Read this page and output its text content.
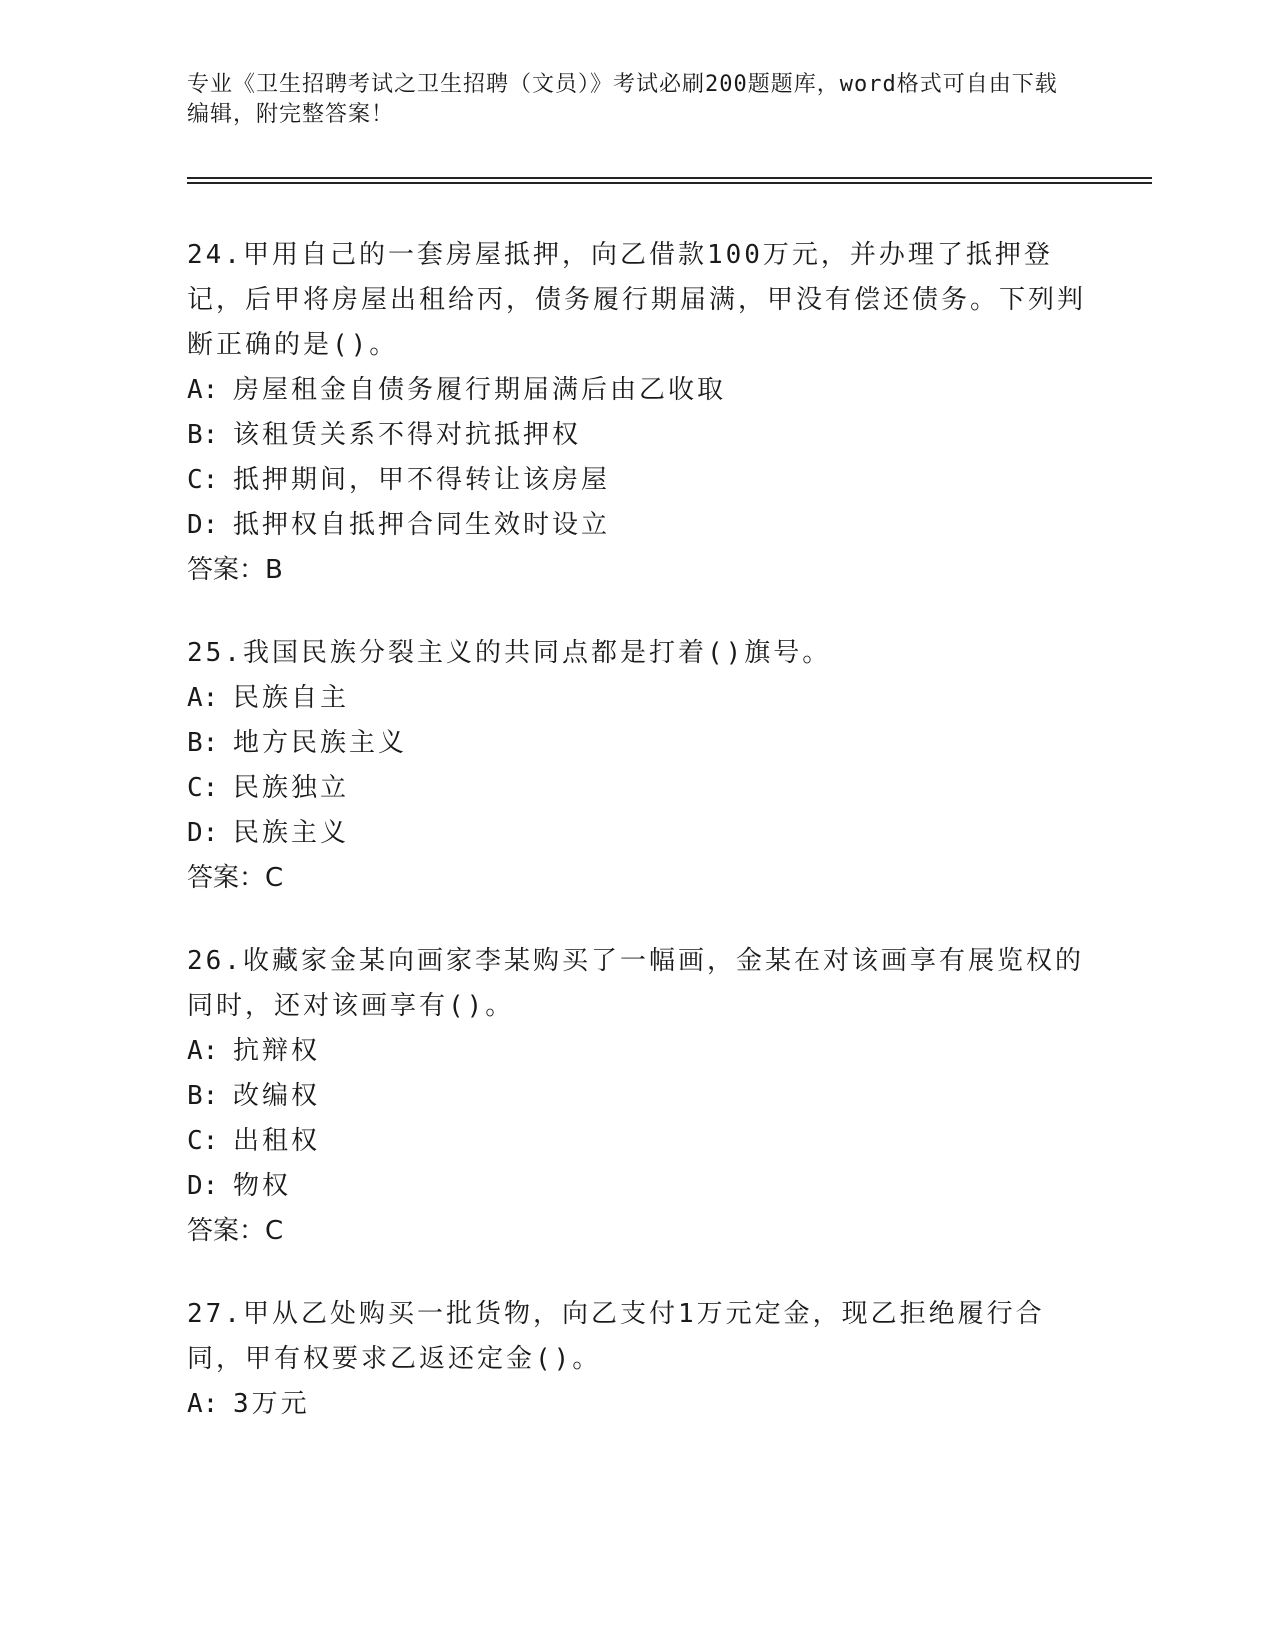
专业《卫生招聘考试之卫生招聘（文员）》考试必刷200题题库，word格式可自由下载编辑，附完整答案！

24.甲用自己的一套房屋抵押，向乙借款100万元，并办理了抵押登记，后甲将房屋出租给丙，债务履行期届满，甲没有偿还债务。下列判断正确的是()。

A: 房屋租金自债务履行期届满后由乙收取

B: 该租赁关系不得对抗抵押权

C: 抵押期间，甲不得转让该房屋

D: 抵押权自抵押合同生效时设立

答案：B

25.我国民族分裂主义的共同点都是打着()旗号。

A: 民族自主

B: 地方民族主义

C: 民族独立

D: 民族主义

答案：C

26.收藏家金某向画家李某购买了一幅画，金某在对该画享有展览权的同时，还对该画享有()。

A: 抗辩权

B: 改编权

C: 出租权

D: 物权

答案：C

27.甲从乙处购买一批货物，向乙支付1万元定金，现乙拒绝履行合同，甲有权要求乙返还定金()。

A: 3万元
